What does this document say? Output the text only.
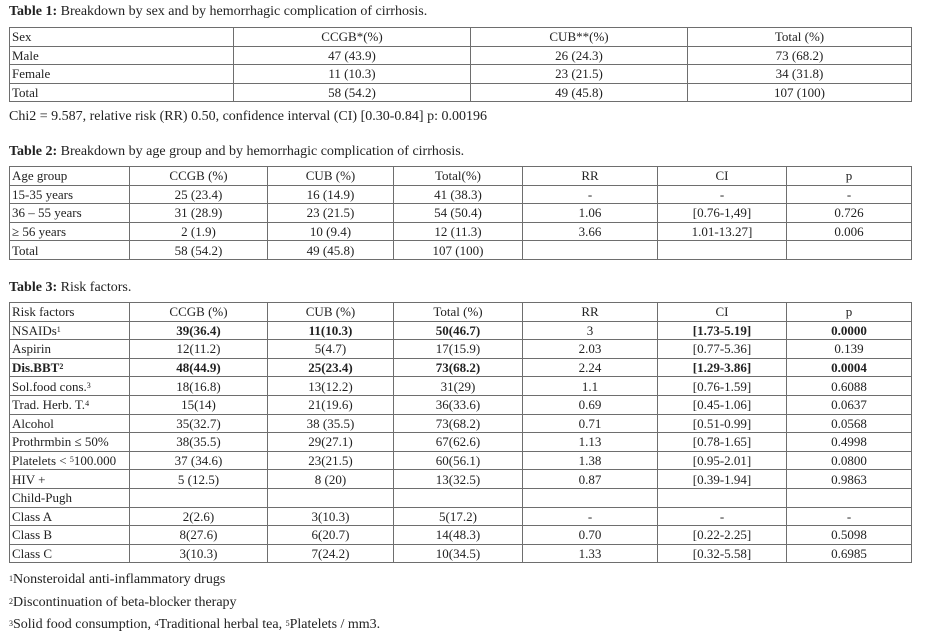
Table 1: Breakdown by sex and by hemorrhagic complication of cirrhosis.
Sex	CCGB*(%)	CUB**(%)	Total (%)
Male	47 (43.9)	26 (24.3)	73 (68.2)
Female	11 (10.3)	23 (21.5)	34 (31.8)
Total	58 (54.2)	49 (45.8)	107 (100)
Chi2 = 9.587, relative risk (RR) 0.50, confidence interval (CI) [0.30-0.84] p: 0.00196
Table 2: Breakdown by age group and by hemorrhagic complication of cirrhosis.
Age group	CCGB (%)	CUB (%)	Total(%)	RR	CI	p
15-35 years	25 (23.4)	16 (14.9)	41 (38.3)	-	-	-
36 – 55 years	31 (28.9)	23 (21.5)	54 (50.4)	1.06	[0.76-1,49]	0.726
≥ 56 years	2 (1.9)	10 (9.4)	12 (11.3)	3.66	1.01-13.27]	0.006
Total	58 (54.2)	49 (45.8)	107 (100)			
Table 3: Risk factors.
Risk factors	CCGB (%)	CUB (%)	Total (%)	RR	CI	p
NSAIDs$^1$	39(36.4)	11(10.3)	50(46.7)	3	[1.73-5.19]	0.0000
Aspirin	12(11.2)	5(4.7)	17(15.9)	2.03	[0.77-5.36]	0.139
Dis.BBT$^2$	48(44.9)	25(23.4)	73(68.2)	2.24	[1.29-3.86]	0.0004
Sol.food cons.$^3$	18(16.8)	13(12.2)	31(29)	1.1	[0.76-1.59]	0.6088
Trad. Herb. T.$^4$	15(14)	21(19.6)	36(33.6)	0.69	[0.45-1.06]	0.0637
Alcohol	35(32.7)	38 (35.5)	73(68.2)	0.71	[0.51-0.99]	0.0568
Prothrmbin ≤ 50%	38(35.5)	29(27.1)	67(62.6)	1.13	[0.78-1.65]	0.4998
Platelets < $^5$100.000	37 (34.6)	23(21.5)	60(56.1)	1.38	[0.95-2.01]	0.0800
HIV +	5 (12.5)	8 (20)	13(32.5)	0.87	[0.39-1.94]	0.9863
Child-Pugh						
Class A	2(2.6)	3(10.3)	5(17.2)	-	-	-
Class B	8(27.6)	6(20.7)	14(48.3)	0.70	[0.22-2.25]	0.5098
Class C	3(10.3)	7(24.2)	10(34.5)	1.33	[0.32-5.58]	0.6985
$^1$Nonsteroidal anti-inflammatory drugs
$^2$Discontinuation of beta-blocker therapy
$^3$Solid food consumption, $^4$Traditional herbal tea, $^5$Platelets / mm3.
